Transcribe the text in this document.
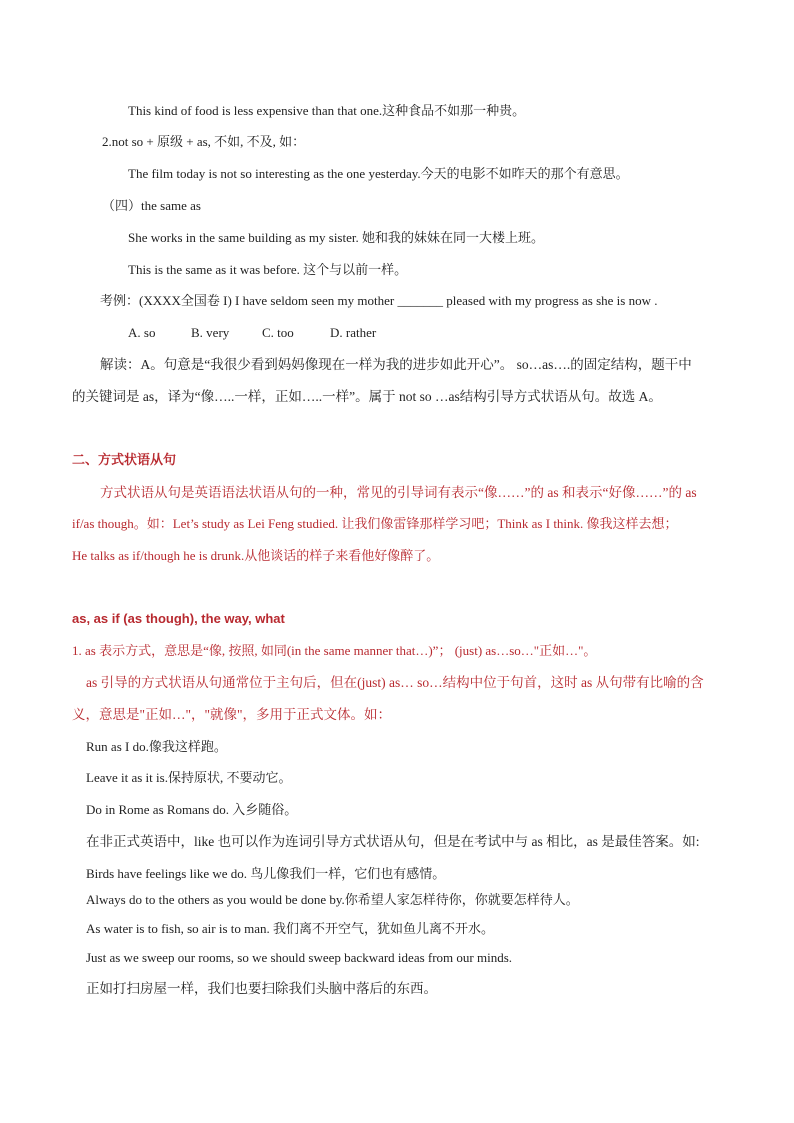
This kind of food is less expensive than that one.这种食品不如那一种贵。
2.not so + 原级 + as, 不如, 不及, 如：
The film today is not so interesting as the one yesterday.今天的电影不如昨天的那个有意思。
（四）the same as
She works in the same building as my sister. 她和我的妹妹在同一大楼上班。
This is the same as it was before. 这个与以前一样。
考例：(XXXX全国卷 I) I have seldom seen my mother _______ pleased with my progress as she is now .
A. so	B. very	C. too	D. rather
解读：A。句意是“我很少看到妈妈像现在一样为我的进步如此开心”。 so…as….的固定结构，题干中
的关键词是 as，译为“像…..一样，正如…..一样”。属于 not so …as结构引导方式状语从句。故选 A。
二、方式状语从句
方式状语从句是英语语法状语从句的一种，常见的引导词有表示“像……”的 as 和表示“好像……”的 as
if/as though。如：Let’s study as Lei Feng studied. 让我们像雷锋那样学习吧；Think as I think. 像我这样去想；
He talks as if/though he is drunk.从他谈话的样子来看他好像醉了。
as, as if (as though), the way, what
1. as 表示方式，意思是“像, 按照, 如同(in the same manner that…)”； (just) as…so…"正如…"。
as 引导的方式状语从句通常位于主句后，但在(just) as… so…结构中位于句首，这时 as 从句带有比喻的含
义，意思是"正如…"，"就像"，多用于正式文体。如：
Run as I do.像我这样跑。
Leave it as it is.保持原状, 不要动它。
Do in Rome as Romans do. 入乡随俗。
在非正式英语中，like 也可以作为连词引导方式状语从句，但是在考试中与 as 相比，as 是最佳答案。如:
Birds have feelings like we do. 鸟儿像我们一样，它们也有感情。
Always do to the others as you would be done by.你希望人家怎样待你，你就要怎样待人。
As water is to fish, so air is to man. 我们离不开空气，犹如鱼儿离不开水。
Just as we sweep our rooms, so we should sweep backward ideas from our minds.
正如打扫房屋一样，我们也要扫除我们头脑中落后的东西。
